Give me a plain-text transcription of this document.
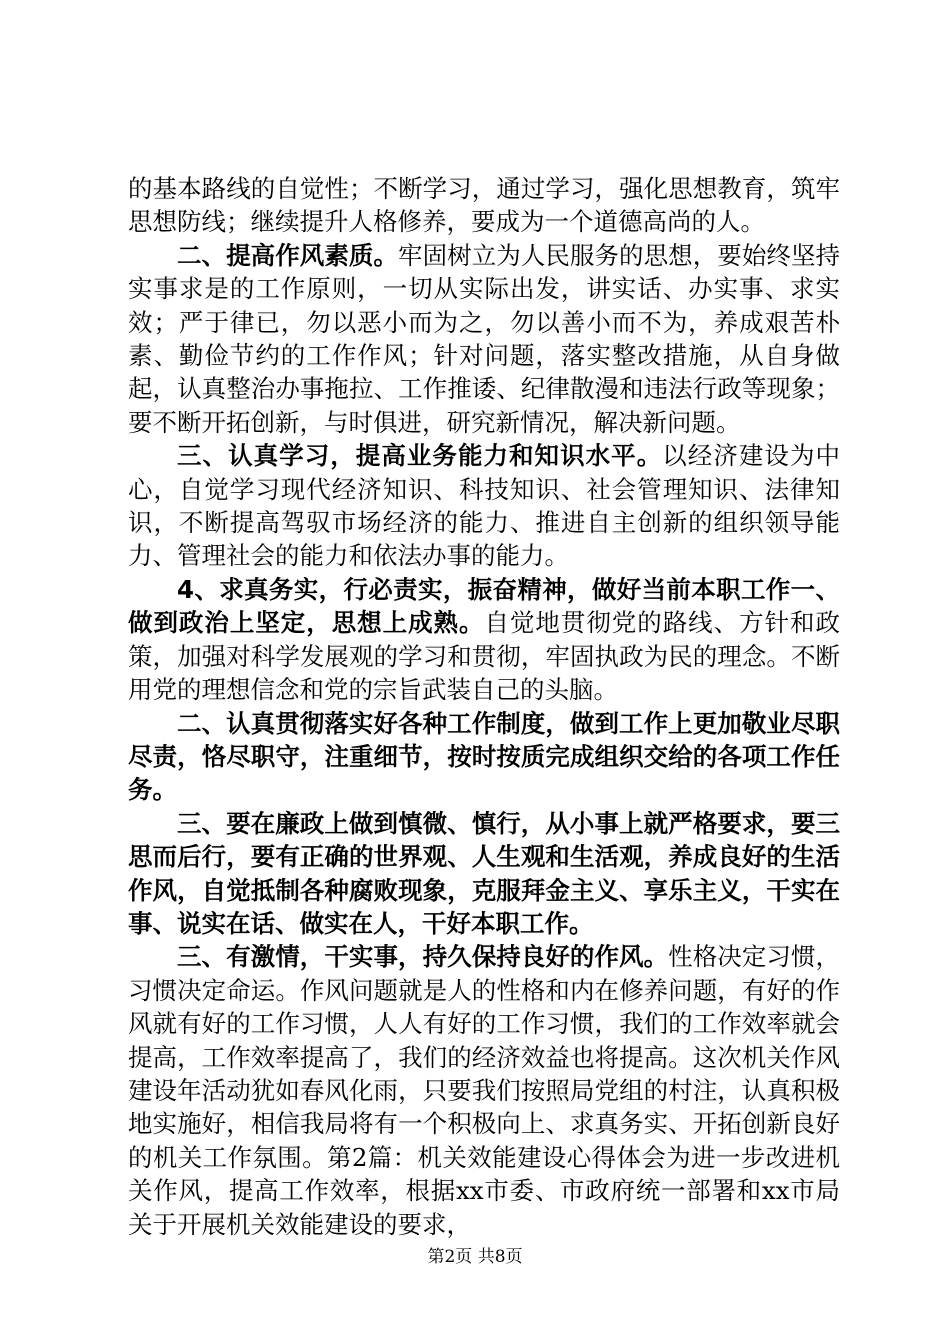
的基本路线的自觉性；不断学习，通过学习，强化思想教育，筑牢思想防线；继续提升人格修养，要成为一个道德高尚的人。

二、提高作风素质。牢固树立为人民服务的思想，要始终坚持实事求是的工作原则，一切从实际出发，讲实话、办实事、求实效；严于律已，勿以恶小而为之，勿以善小而不为，养成艰苦朴素、勤俭节约的工作作风；针对问题，落实整改措施，从自身做起，认真整治办事拖拉、工作推诿、纪律散漫和违法行政等现象；要不断开拓创新，与时俱进，研究新情况，解决新问题。

三、认真学习，提高业务能力和知识水平。以经济建设为中心，自觉学习现代经济知识、科技知识、社会管理知识、法律知识，不断提高驾驭市场经济的能力、推进自主创新的组织领导能力、管理社会的能力和依法办事的能力。

4、求真务实，行必责实，振奋精神，做好当前本职工作一、做到政治上坚定，思想上成熟。自觉地贯彻党的路线、方针和政策，加强对科学发展观的学习和贯彻，牢固执政为民的理念。不断用党的理想信念和党的宗旨武装自己的头脑。

二、认真贯彻落实好各种工作制度，做到工作上更加敬业尽职尽责，恪尽职守，注重细节，按时按质完成组织交给的各项工作任务。

三、要在廉政上做到慎微、慎行，从小事上就严格要求，要三思而后行，要有正确的世界观、人生观和生活观，养成良好的生活作风，自觉抵制各种腐败现象，克服拜金主义、享乐主义，干实在事、说实在话、做实在人，干好本职工作。

三、有激情，干实事，持久保持良好的作风。性格决定习惯，习惯决定命运。作风问题就是人的性格和内在修养问题，有好的作风就有好的工作习惯，人人有好的工作习惯，我们的工作效率就会提高，工作效率提高了，我们的经济效益也将提高。这次机关作风建设年活动犹如春风化雨，只要我们按照局党组的村注，认真积极地实施好，相信我局将有一个积极向上、求真务实、开拓创新良好的机关工作氛围。第2篇：机关效能建设心得体会为进一步改进机关作风，提高工作效率，根据xx市委、市政府统一部署和xx市局关于开展机关效能建设的要求，

第2页 共8页
